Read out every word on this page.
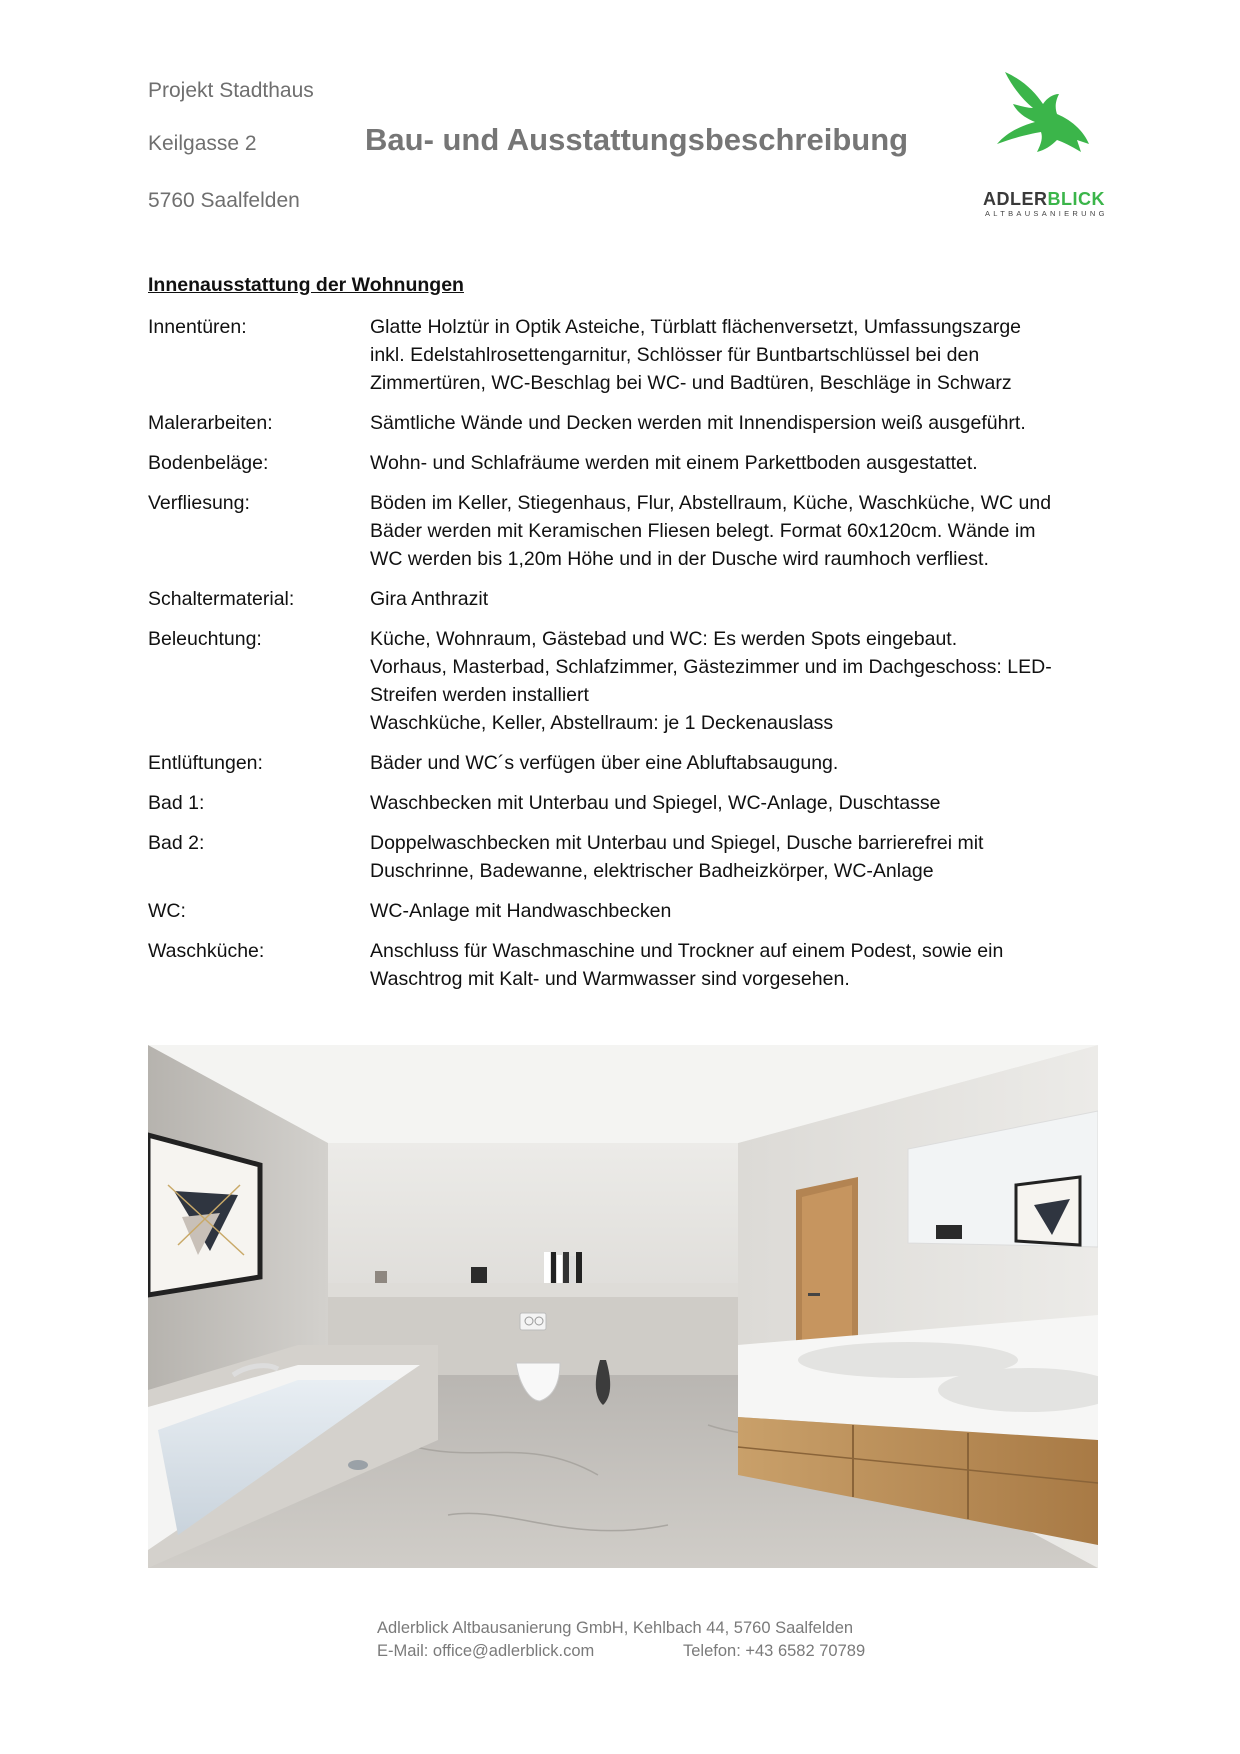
Projekt Stadthaus
Keilgasse 2
5760 Saalfelden
Bau- und Ausstattungsbeschreibung
ADLERBLICK
ALTBAUSANIERUNG
Innenausstattung der Wohnungen
Innentüren:	Glatte Holztür in Optik Asteiche, Türblatt flächenversetzt, Umfassungszarge
inkl. Edelstahlrosettengarnitur, Schlösser für Buntbartschlüssel bei den
Zimmertüren, WC-Beschlag bei WC- und Badtüren, Beschläge in Schwarz
Malerarbeiten:	Sämtliche Wände und Decken werden mit Innendispersion weiß ausgeführt.
Bodenbeläge:	Wohn- und Schlafräume werden mit einem Parkettboden ausgestattet.
Verfliesung:	Böden im Keller, Stiegenhaus, Flur, Abstellraum, Küche, Waschküche, WC und
Bäder werden mit Keramischen Fliesen belegt. Format 60x120cm. Wände im
WC werden bis 1,20m Höhe und in der Dusche wird raumhoch verfliest.
Schaltermaterial:	Gira Anthrazit
Beleuchtung:	Küche, Wohnraum, Gästebad und WC: Es werden Spots eingebaut.
Vorhaus, Masterbad, Schlafzimmer, Gästezimmer und im Dachgeschoss: LED-
Streifen werden installiert
Waschküche, Keller, Abstellraum: je 1 Deckenauslass
Entlüftungen:	Bäder und WC´s verfügen über eine Abluftabsaugung.
Bad 1:	Waschbecken mit Unterbau und Spiegel, WC-Anlage, Duschtasse
Bad 2:	Doppelwaschbecken mit Unterbau und Spiegel, Dusche barrierefrei mit
Duschrinne, Badewanne, elektrischer Badheizkörper, WC-Anlage
WC:	WC-Anlage mit Handwaschbecken
Waschküche:	Anschluss für Waschmaschine und Trockner auf einem Podest, sowie ein
Waschtrog mit Kalt- und Warmwasser sind vorgesehen.
Adlerblick Altbausanierung GmbH, Kehlbach 44, 5760 Saalfelden
E-Mail: office@adlerblick.com	Telefon: +43 6582 70789
